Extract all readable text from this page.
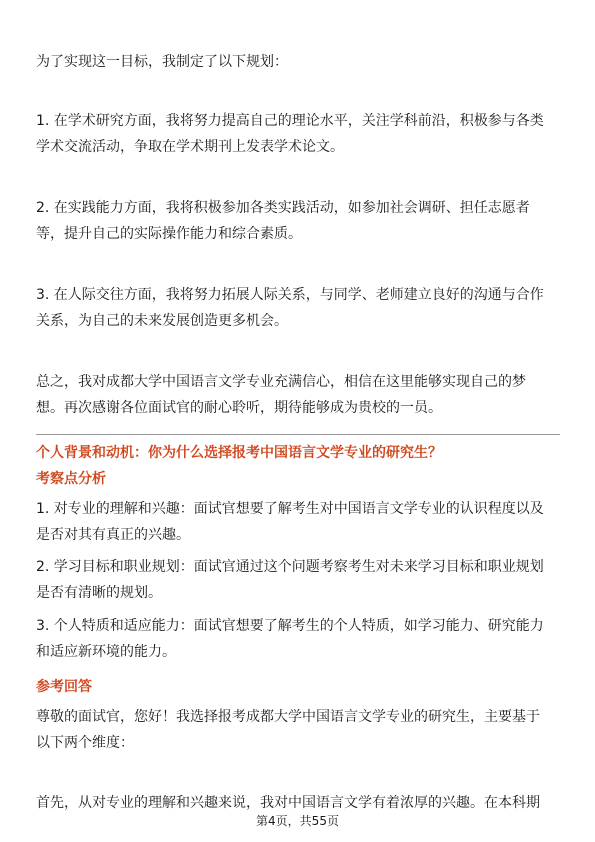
为了实现这一目标，我制定了以下规划：
1. 在学术研究方面，我将努力提高自己的理论水平，关注学科前沿，积极参与各类
学术交流活动，争取在学术期刊上发表学术论文。
2. 在实践能力方面，我将积极参加各类实践活动，如参加社会调研、担任志愿者
等，提升自己的实际操作能力和综合素质。
3. 在人际交往方面，我将努力拓展人际关系，与同学、老师建立良好的沟通与合作
关系，为自己的未来发展创造更多机会。
总之，我对成都大学中国语言文学专业充满信心，相信在这里能够实现自己的梦
想。再次感谢各位面试官的耐心聆听，期待能够成为贵校的一员。
个人背景和动机：你为什么选择报考中国语言文学专业的研究生？
考察点分析
1. 对专业的理解和兴趣：面试官想要了解考生对中国语言文学专业的认识程度以及
是否对其有真正的兴趣。
2. 学习目标和职业规划：面试官通过这个问题考察考生对未来学习目标和职业规划
是否有清晰的规划。
3. 个人特质和适应能力：面试官想要了解考生的个人特质，如学习能力、研究能力
和适应新环境的能力。
参考回答
尊敬的面试官，您好！我选择报考成都大学中国语言文学专业的研究生，主要基于
以下两个维度：
首先，从对专业的理解和兴趣来说，我对中国语言文学有着浓厚的兴趣。在本科期
第4页，共55页
